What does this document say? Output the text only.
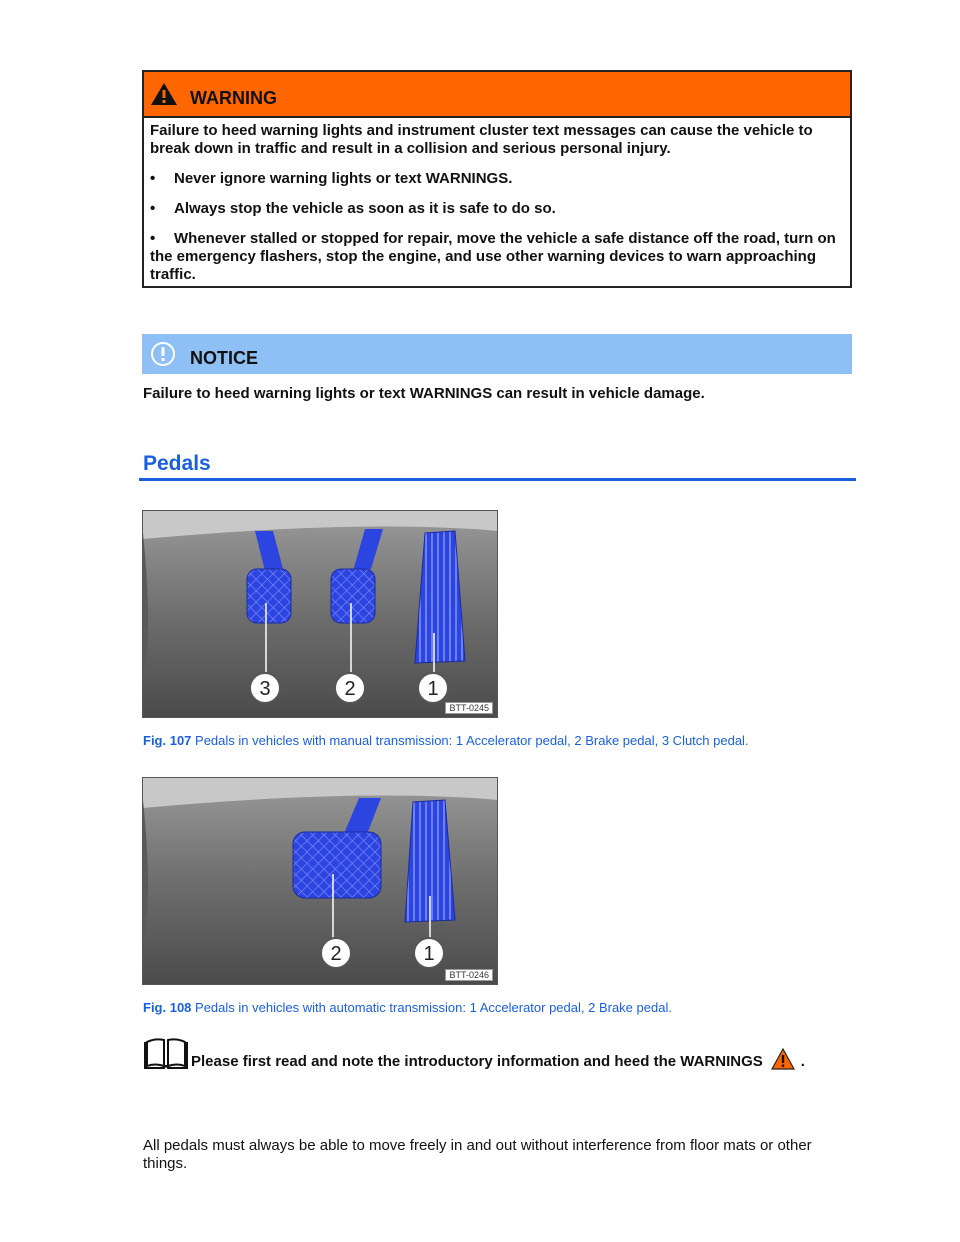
WARNING

Failure to heed warning lights and instrument cluster text messages can cause the vehicle to break down in traffic and result in a collision and serious personal injury.

•	Never ignore warning lights or text WARNINGS.
•	Always stop the vehicle as soon as it is safe to do so.
• Whenever stalled or stopped for repair, move the vehicle a safe distance off the road, turn on the emergency flashers, stop the engine, and use other warning devices to warn approaching traffic.
NOTICE
Failure to heed warning lights or text WARNINGS can result in vehicle damage.
Pedals
3	2	1
BTT-0245
Fig. 107 Pedals in vehicles with manual transmission: 1 Accelerator pedal, 2 Brake pedal, 3 Clutch pedal.
2	1
BTT-0246
Fig. 108 Pedals in vehicles with automatic transmission: 1 Accelerator pedal, 2 Brake pedal.
Please first read and note the introductory information and heed the WARNINGS	.
All pedals must always be able to move freely in and out without interference from floor mats or other things.
